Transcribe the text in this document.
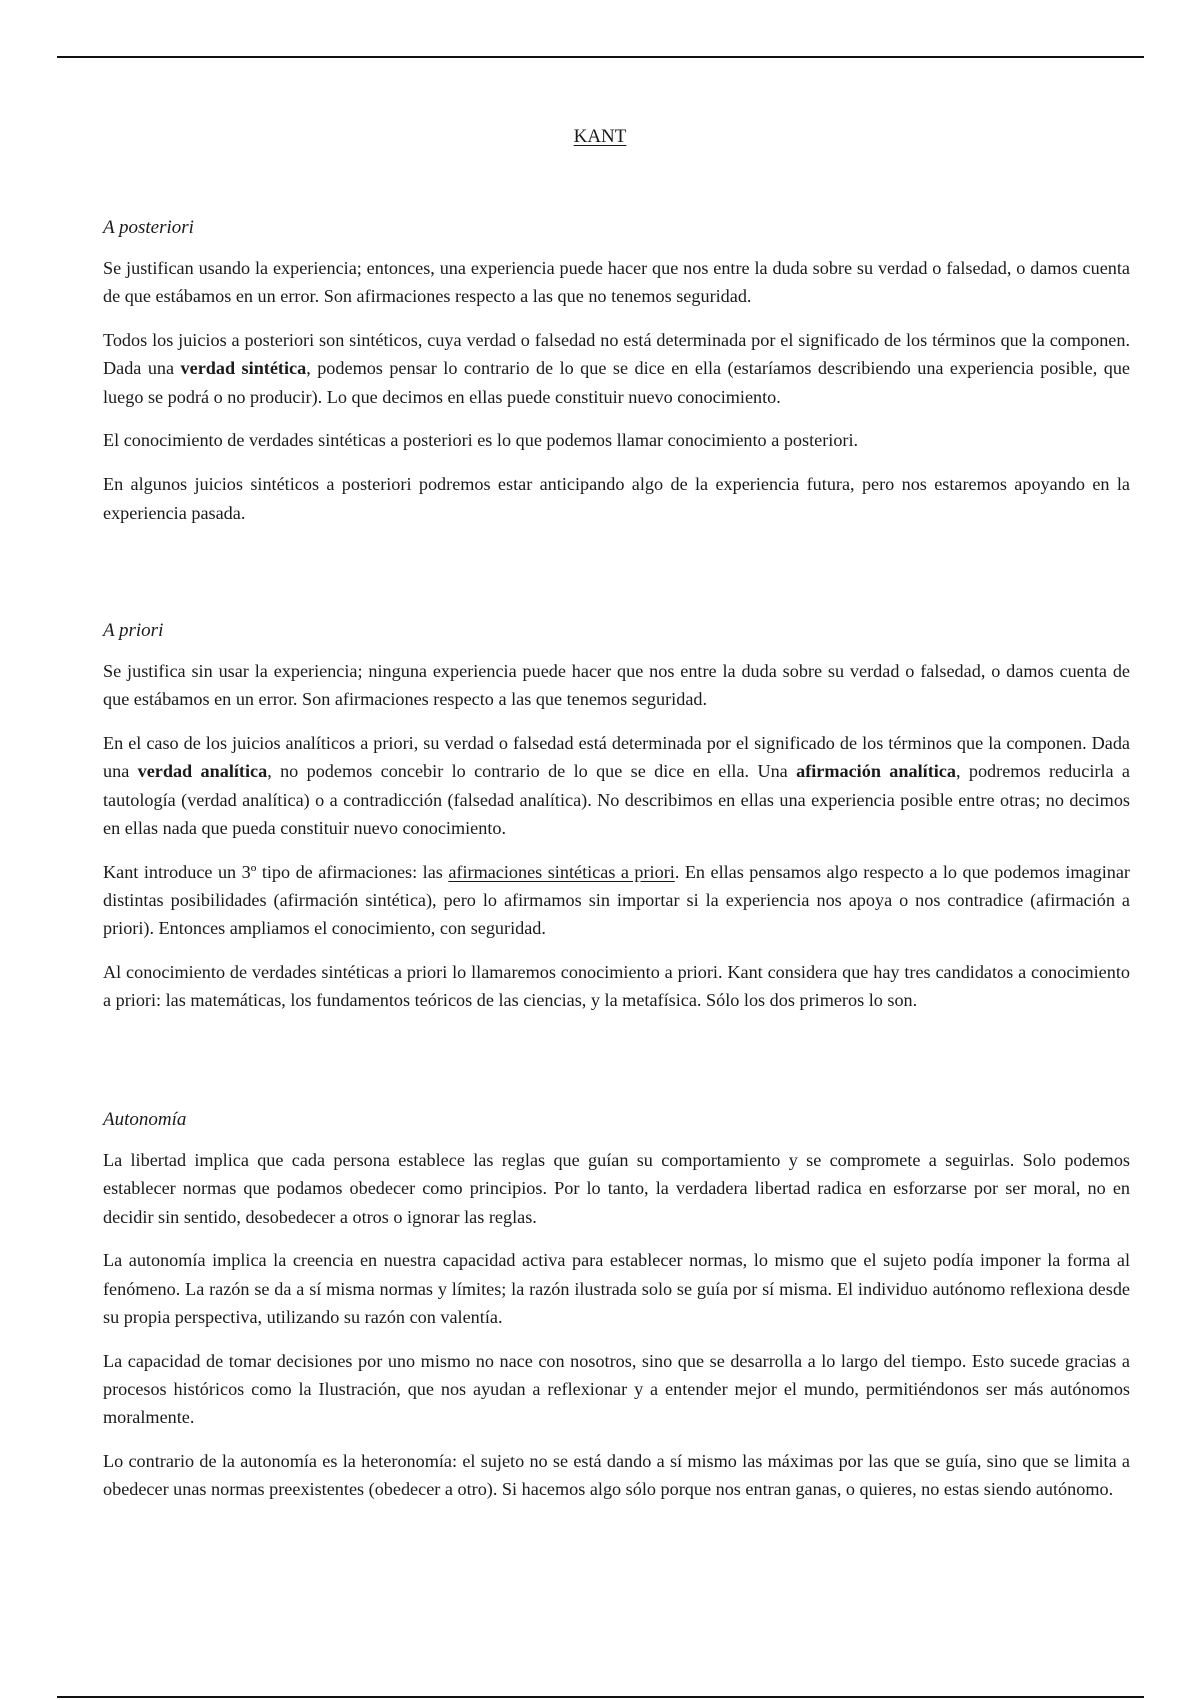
KANT
A posteriori

Se justifican usando la experiencia; entonces, una experiencia puede hacer que nos entre la duda sobre su verdad o falsedad, o damos cuenta de que estábamos en un error. Son afirmaciones respecto a las que no tenemos seguridad.

Todos los juicios a posteriori son sintéticos, cuya verdad o falsedad no está determinada por el significado de los términos que la componen. Dada una verdad sintética, podemos pensar lo contrario de lo que se dice en ella (estaríamos describiendo una experiencia posible, que luego se podrá o no producir). Lo que decimos en ellas puede constituir nuevo conocimiento.

El conocimiento de verdades sintéticas a posteriori es lo que podemos llamar conocimiento a posteriori.

En algunos juicios sintéticos a posteriori podremos estar anticipando algo de la experiencia futura, pero nos estaremos apoyando en la experiencia pasada.

A priori

Se justifica sin usar la experiencia; ninguna experiencia puede hacer que nos entre la duda sobre su verdad o falsedad, o damos cuenta de que estábamos en un error. Son afirmaciones respecto a las que tenemos seguridad.

En el caso de los juicios analíticos a priori, su verdad o falsedad está determinada por el significado de los términos que la componen. Dada una verdad analítica, no podemos concebir lo contrario de lo que se dice en ella. Una afirmación analítica, podremos reducirla a tautología (verdad analítica) o a contradicción (falsedad analítica). No describimos en ellas una experiencia posible entre otras; no decimos en ellas nada que pueda constituir nuevo conocimiento.

Kant introduce un 3º tipo de afirmaciones: las afirmaciones sintéticas a priori. En ellas pensamos algo respecto a lo que podemos imaginar distintas posibilidades (afirmación sintética), pero lo afirmamos sin importar si la experiencia nos apoya o nos contradice (afirmación a priori). Entonces ampliamos el conocimiento, con seguridad.

Al conocimiento de verdades sintéticas a priori lo llamaremos conocimiento a priori. Kant considera que hay tres candidatos a conocimiento a priori: las matemáticas, los fundamentos teóricos de las ciencias, y la metafísica. Sólo los dos primeros lo son.

Autonomía

La libertad implica que cada persona establece las reglas que guían su comportamiento y se compromete a seguirlas. Solo podemos establecer normas que podamos obedecer como principios. Por lo tanto, la verdadera libertad radica en esforzarse por ser moral, no en decidir sin sentido, desobedecer a otros o ignorar las reglas.

La autonomía implica la creencia en nuestra capacidad activa para establecer normas, lo mismo que el sujeto podía imponer la forma al fenómeno. La razón se da a sí misma normas y límites; la razón ilustrada solo se guía por sí misma. El individuo autónomo reflexiona desde su propia perspectiva, utilizando su razón con valentía.

La capacidad de tomar decisiones por uno mismo no nace con nosotros, sino que se desarrolla a lo largo del tiempo. Esto sucede gracias a procesos históricos como la Ilustración, que nos ayudan a reflexionar y a entender mejor el mundo, permitiéndonos ser más autónomos moralmente.

Lo contrario de la autonomía es la heteronomía: el sujeto no se está dando a sí mismo las máximas por las que se guía, sino que se limita a obedecer unas normas preexistentes (obedecer a otro). Si hacemos algo sólo porque nos entran ganas, o quieres, no estas siendo autónomo.
